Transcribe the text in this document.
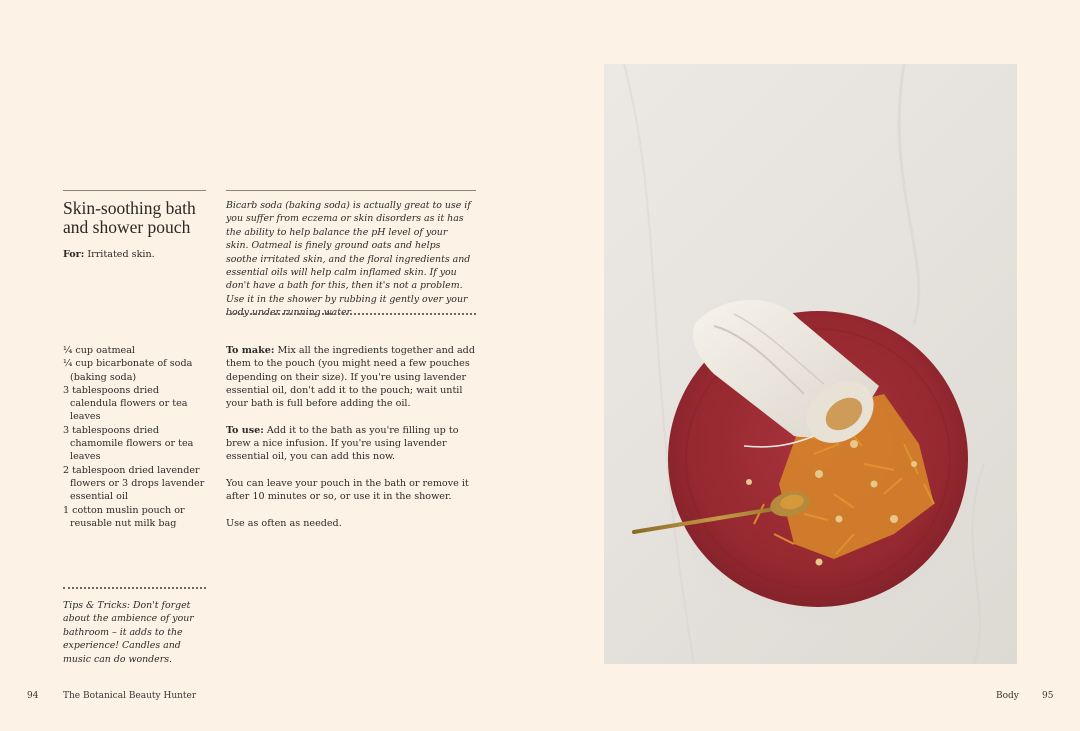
Skin-soothing bath and shower pouch
For: Irritated skin.
¼ cup oatmeal
¼ cup bicarbonate of soda (baking soda)
3 tablespoons dried calendula flowers or tea leaves
3 tablespoons dried chamomile flowers or tea leaves
2 tablespoon dried lavender flowers or 3 drops lavender essential oil
1 cotton muslin pouch or reusable nut milk bag
Tips & Tricks: Don't forget about the ambience of your bathroom – it adds to the experience! Candles and music can do wonders.
Bicarb soda (baking soda) is actually great to use if you suffer from eczema or skin disorders as it has the ability to help balance the pH level of your skin. Oatmeal is finely ground oats and helps soothe irritated skin, and the floral ingredients and essential oils will help calm inflamed skin. If you don't have a bath for this, then it's not a problem. Use it in the shower by rubbing it gently over your body under running water.

To make: Mix all the ingredients together and add them to the pouch (you might need a few pouches depending on their size). If you're using lavender essential oil, don't add it to the pouch; wait until your bath is full before adding the oil.

To use: Add it to the bath as you're filling up to brew a nice infusion. If you're using lavender essential oil, you can add this now.

You can leave your pouch in the bath or remove it after 10 minutes or so, or use it in the shower.

Use as often as needed.

94	The Botanical Beauty Hunter	Body	95
